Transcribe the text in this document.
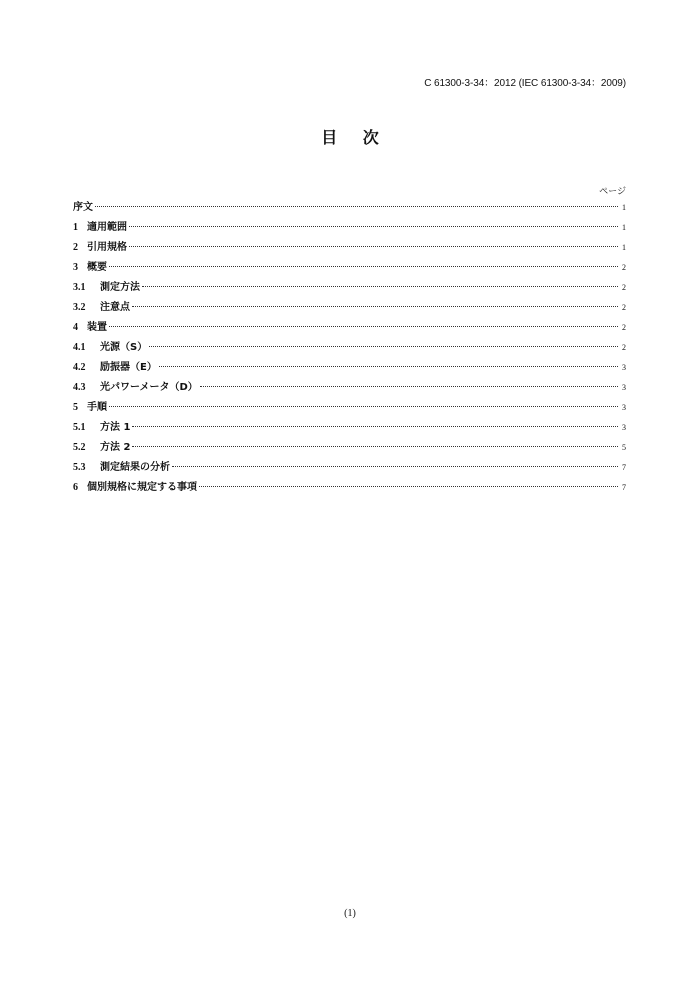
C 61300-3-34：2012 (IEC 61300-3-34：2009)
目 次
ページ
序文	1
1 適用範囲	1
2 引用規格	1
3 概要	2
3.1	測定方法	2
3.2	注意点	2
4 装置	2
4.1	光源（S）	2
4.2	励振器（E）	3
4.3	光パワーメータ（D）	3
5 手順	3
5.1	方法 1	3
5.2	方法 2	5
5.3	測定結果の分析	7
6 個別規格に規定する事項	7
(1)
